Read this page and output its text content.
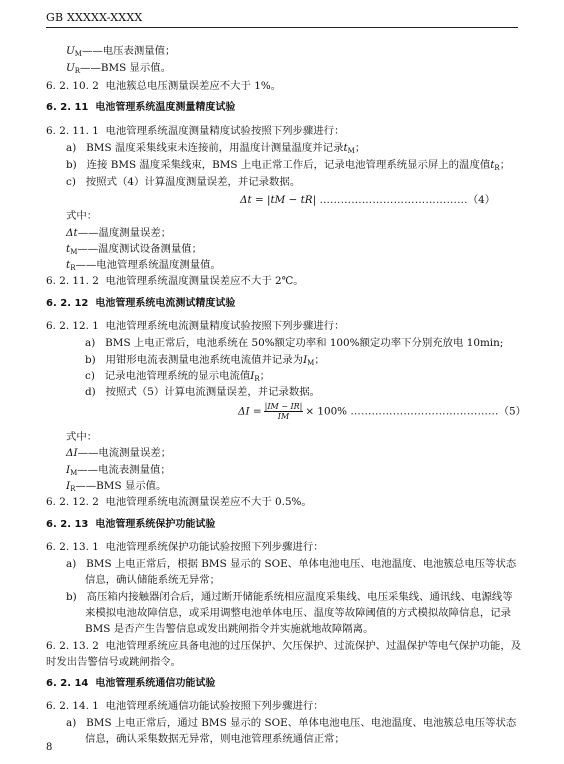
GB XXXXX-XXXX
$U_M——$电压表测量值；
$U_R——BMS$ 显示值。
6. 2. 10. 2 电池簇总电压测量误差应不大于 1%。
6. 2. 11 电池管理系统温度测量精度试验
6. 2. 11. 1 电池管理系统温度测量精度试验按照下列步骤进行：
a) BMS 温度采集线束未连接前，用温度计测量温度并记录$t_M$；
b) 连接 BMS 温度采集线束，BMS 上电正常工作后，记录电池管理系统显示屏上的温度值$t_R$；
c) 按照式（4）计算温度测量误差，并记录数据。
Δt = |tM − tR| ……………………………………（4）
式中：
Δt——温度测量误差；
$t_M——$温度测试设备测量值；
$t_R——$电池管理系统温度测量值。
6. 2. 11. 2 电池管理系统温度测量误差应不大于 2℃。
6. 2. 12 电池管理系统电流测试精度试验
6. 2. 12. 1 电池管理系统电流测量精度试验按照下列步骤进行：
a) BMS 上电正常后，电池系统在 50%额定功率和 100%额定功率下分别充放电 10min;
b) 用钳形电流表测量电池系统电流值并记录为$I_M$；
c) 记录电池管理系统的显示电流值$I_R$；
d) 按照式（5）计算电流测量误差，并记录数据。
$\Delta I = \frac{|IM - IR|}{IM} \times 100\%$ ……………………………………（5）
式中：
ΔI——电流测量误差；
$I_M——$电流表测量值；
$I_R——BMS$ 显示值。
6. 2. 12. 2 电池管理系统电流测量误差应不大于 0.5%。
6. 2. 13 电池管理系统保护功能试验
6. 2. 13. 1 电池管理系统保护功能试验按照下列步骤进行：
a) BMS 上电正常后，根据 BMS 显示的 SOE、单体电池电压、电池温度、电池簇总电压等状态
信息，确认储能系统无异常；
b) 高压箱内接触器闭合后，通过断开储能系统相应温度采集线、电压采集线、通讯线、电源线等
来模拟电池故障信息，或采用调整电池单体电压、温度等故障阈值的方式模拟故障信息，记录
BMS 是否产生告警信息或发出跳闸指令并实施就地故障隔离。
6. 2. 13. 2 电池管理系统应具备电池的过压保护、欠压保护、过流保护、过温保护等电气保护功能，及
时发出告警信号或跳闸指令。
6. 2. 14 电池管理系统通信功能试验
6. 2. 14. 1 电池管理系统通信功能试验按照下列步骤进行：
a) BMS 上电正常后，通过 BMS 显示的 SOE、单体电池电压、电池温度、电池簇总电压等状态
信息，确认采集数据无异常，则电池管理系统通信正常；
8
